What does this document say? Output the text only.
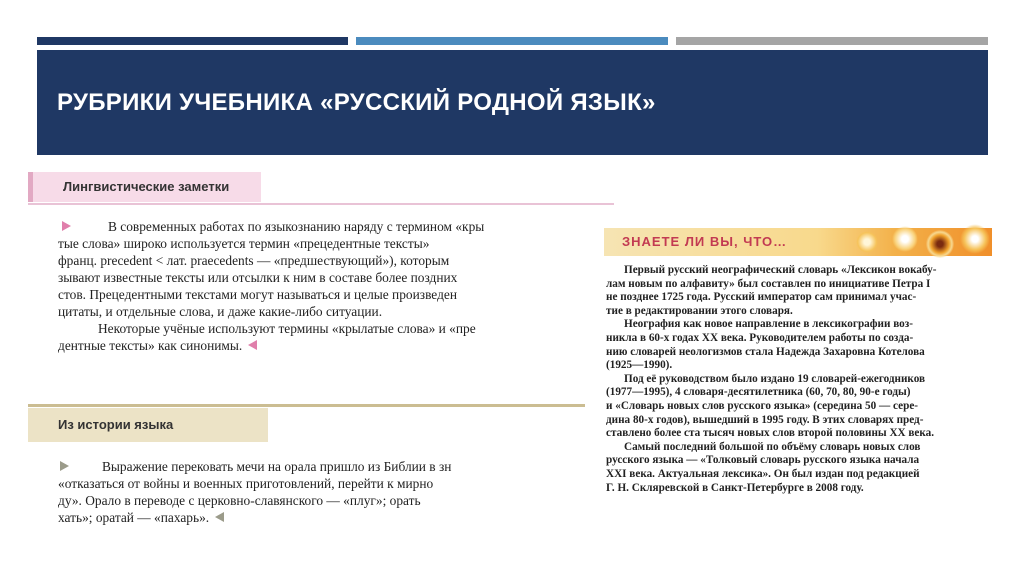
РУБРИКИ УЧЕБНИКА «РУССКИЙ РОДНОЙ ЯЗЫК»
Лингвистические заметки
В современных работах по языкознанию наряду с термином «кры
тые слова» широко используется термин «прецедентные тексты»
франц. precedent < лат. praecedents — «предшествующий»), которым
зывают известные тексты или отсылки к ним в составе более поздних
стов. Прецедентными текстами могут называться и целые произведен
цитаты, и отдельные слова, и даже какие-либо ситуации.
Некоторые учёные используют термины «крылатые слова» и «пре
дентные тексты» как синонимы.
Из истории языка
Выражение перековать мечи на орала пришло из Библии в зн
«отказаться от войны и военных приготовлений, перейти к мирно
ду». Орало в переводе с церковно-славянского — «плуг»; орать
хать»; оратай — «пахарь».
ЗНАЕТЕ ЛИ ВЫ, ЧТО…
Первый русский неографический словарь «Лексикон вокабу-
лам новым по алфавиту» был составлен по инициативе Петра I
не позднее 1725 года. Русский император сам принимал учас-
тие в редактировании этого словаря.
Неография как новое направление в лексикографии воз-
никла в 60-х годах XX века. Руководителем работы по созда-
нию словарей неологизмов стала Надежда Захаровна Котелова
(1925—1990).
Под её руководством было издано 19 словарей-ежегодников
(1977—1995), 4 словаря-десятилетника (60, 70, 80, 90-е годы)
и «Словарь новых слов русского языка» (середина 50 — сере-
дина 80-х годов), вышедший в 1995 году. В этих словарях пред-
ставлено более ста тысяч новых слов второй половины XX века.
Самый последний большой по объёму словарь новых слов
русского языка — «Толковый словарь русского языка начала
XXI века. Актуальная лексика». Он был издан под редакцией
Г. Н. Скляревской в Санкт-Петербурге в 2008 году.
